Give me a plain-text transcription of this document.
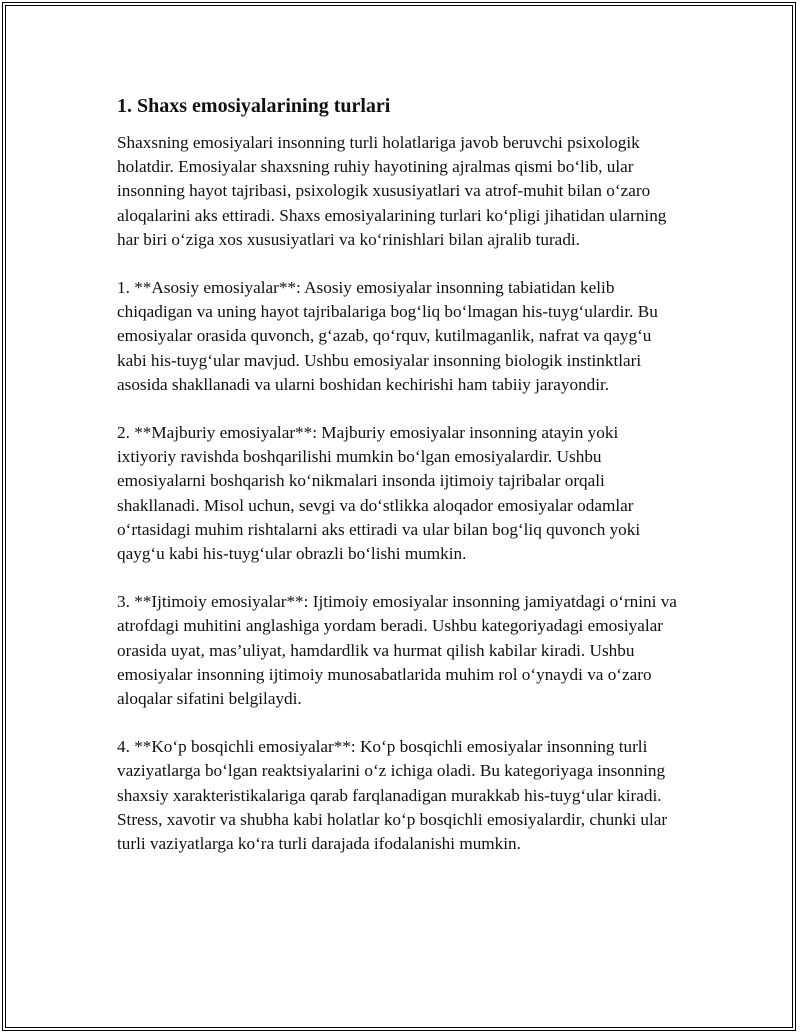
1. Shaxs emosiyalarining turlari

Shaxsning emosiyalari insonning turli holatlariga javob beruvchi psixologik holatdir. Emosiyalar shaxsning ruhiy hayotining ajralmas qismi bo‘lib, ular insonning hayot tajribasi, psixologik xususiyatlari va atrof-muhit bilan o‘zaro aloqalarini aks ettiradi. Shaxs emosiyalarining turlari ko‘pligi jihatidan ularning har biri o‘ziga xos xususiyatlari va ko‘rinishlari bilan ajralib turadi.

1. **Asosiy emosiyalar**: Asosiy emosiyalar insonning tabiatidan kelib chiqadigan va uning hayot tajribalariga bog‘liq bo‘lmagan his-tuyg‘ulardir. Bu emosiyalar orasida quvonch, g‘azab, qo‘rquv, kutilmaganlik, nafrat va qayg‘u kabi his-tuyg‘ular mavjud. Ushbu emosiyalar insonning biologik instinktlari asosida shakllanadi va ularni boshidan kechirishi ham tabiiy jarayondir.

2. **Majburiy emosiyalar**: Majburiy emosiyalar insonning atayin yoki ixtiyoriy ravishda boshqarilishi mumkin bo‘lgan emosiyalardir. Ushbu emosiyalarni boshqarish ko‘nikmalari insonda ijtimoiy tajribalar orqali shakllanadi. Misol uchun, sevgi va do‘stlikka aloqador emosiyalar odamlar o‘rtasidagi muhim rishtalarni aks ettiradi va ular bilan bog‘liq quvonch yoki qayg‘u kabi his-tuyg‘ular obrazli bo‘lishi mumkin.

3. **Ijtimoiy emosiyalar**: Ijtimoiy emosiyalar insonning jamiyatdagi o‘rnini va atrofdagi muhitini anglashiga yordam beradi. Ushbu kategoriyadagi emosiyalar orasida uyat, mas’uliyat, hamdardlik va hurmat qilish kabilar kiradi. Ushbu emosiyalar insonning ijtimoiy munosabatlarida muhim rol o‘ynaydi va o‘zaro aloqalar sifatini belgilaydi.

4. **Ko‘p bosqichli emosiyalar**: Ko‘p bosqichli emosiyalar insonning turli vaziyatlarga bo‘lgan reaktsiyalarini o‘z ichiga oladi. Bu kategoriyaga insonning shaxsiy xarakteristikalariga qarab farqlanadigan murakkab his-tuyg‘ular kiradi. Stress, xavotir va shubha kabi holatlar ko‘p bosqichli emosiyalardir, chunki ular turli vaziyatlarga ko‘ra turli darajada ifodalanishi mumkin.
